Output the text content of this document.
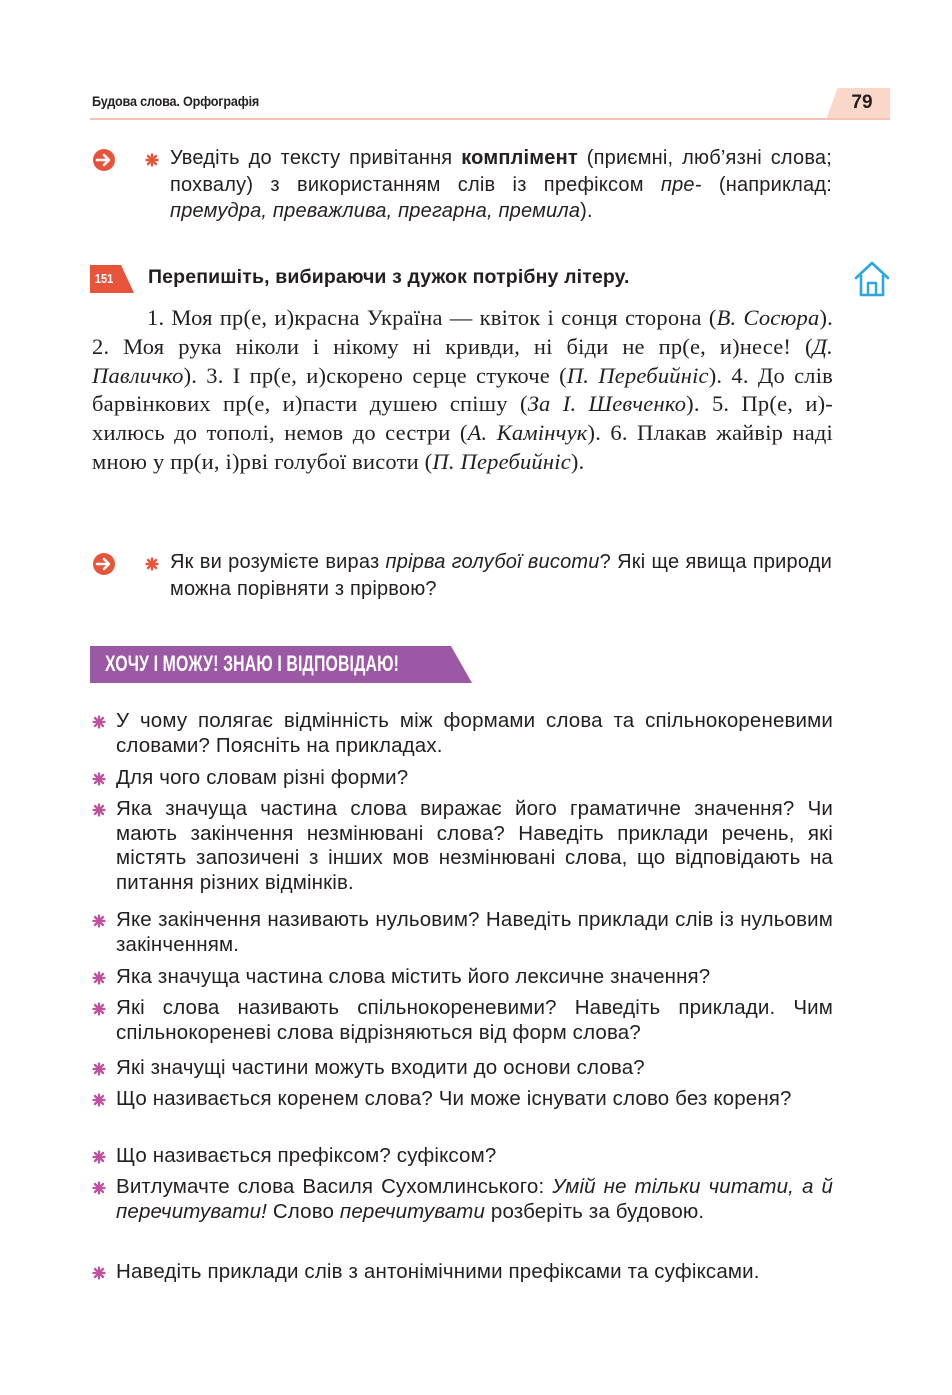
Будова слова. Орфографія	79
Уведіть до тексту привітання комплімент (приємні, люб’язні слова; похвалу) з використанням слів із префіксом пре- (наприклад: премудра, преважлива, прегарна, премила).
151 Перепишіть, вибираючи з дужок потрібну літеру.
1. Моя пр(е, и)красна Україна — квіток і сонця сторона (В. Сосюра). 2. Моя рука ніколи і нікому ні кривди, ні біди не пр(е, и)несе! (Д. Павличко). 3. І пр(е, и)скорено серце стукоче (П. Перебийніс). 4. До слів барвінкових пр(е, и)пасти душею спішу (За І. Шевченко). 5. Пр(е, и)- хилюсь до тополі, немов до сестри (А. Камінчук). 6. Плакав жайвір наді мною у пр(и, і)рві голубої висоти (П. Перебийніс).
Як ви розумієте вираз прірва голубої висоти? Які ще явища природи можна порівняти з прірвою?
ХОЧУ І МОЖУ! ЗНАЮ І ВІДПОВІДАЮ!
У чому полягає відмінність між формами слова та спільнокореневими словами? Поясніть на прикладах.
Для чого словам різні форми?
Яка значуща частина слова виражає його граматичне значення? Чи мають закінчення незмінювані слова? Наведіть приклади речень, які містять запозичені з інших мов незмінювані слова, що відповідають на питання різних відмінків.
Яке закінчення називають нульовим? Наведіть приклади слів із нульовим закінченням.
Яка значуща частина слова містить його лексичне значення?
Які слова називають спільнокореневими? Наведіть приклади. Чим спільнокореневі слова відрізняються від форм слова?
Які значущі частини можуть входити до основи слова?
Що називається коренем слова? Чи може існувати слово без кореня?
Що називається префіксом? суфіксом?
Витлумачте слова Василя Сухомлинського: Умій не тільки читати, а й перечитувати! Слово перечитувати розберіть за будовою.
Наведіть приклади слів з антонімічними префіксами та суфіксами.
